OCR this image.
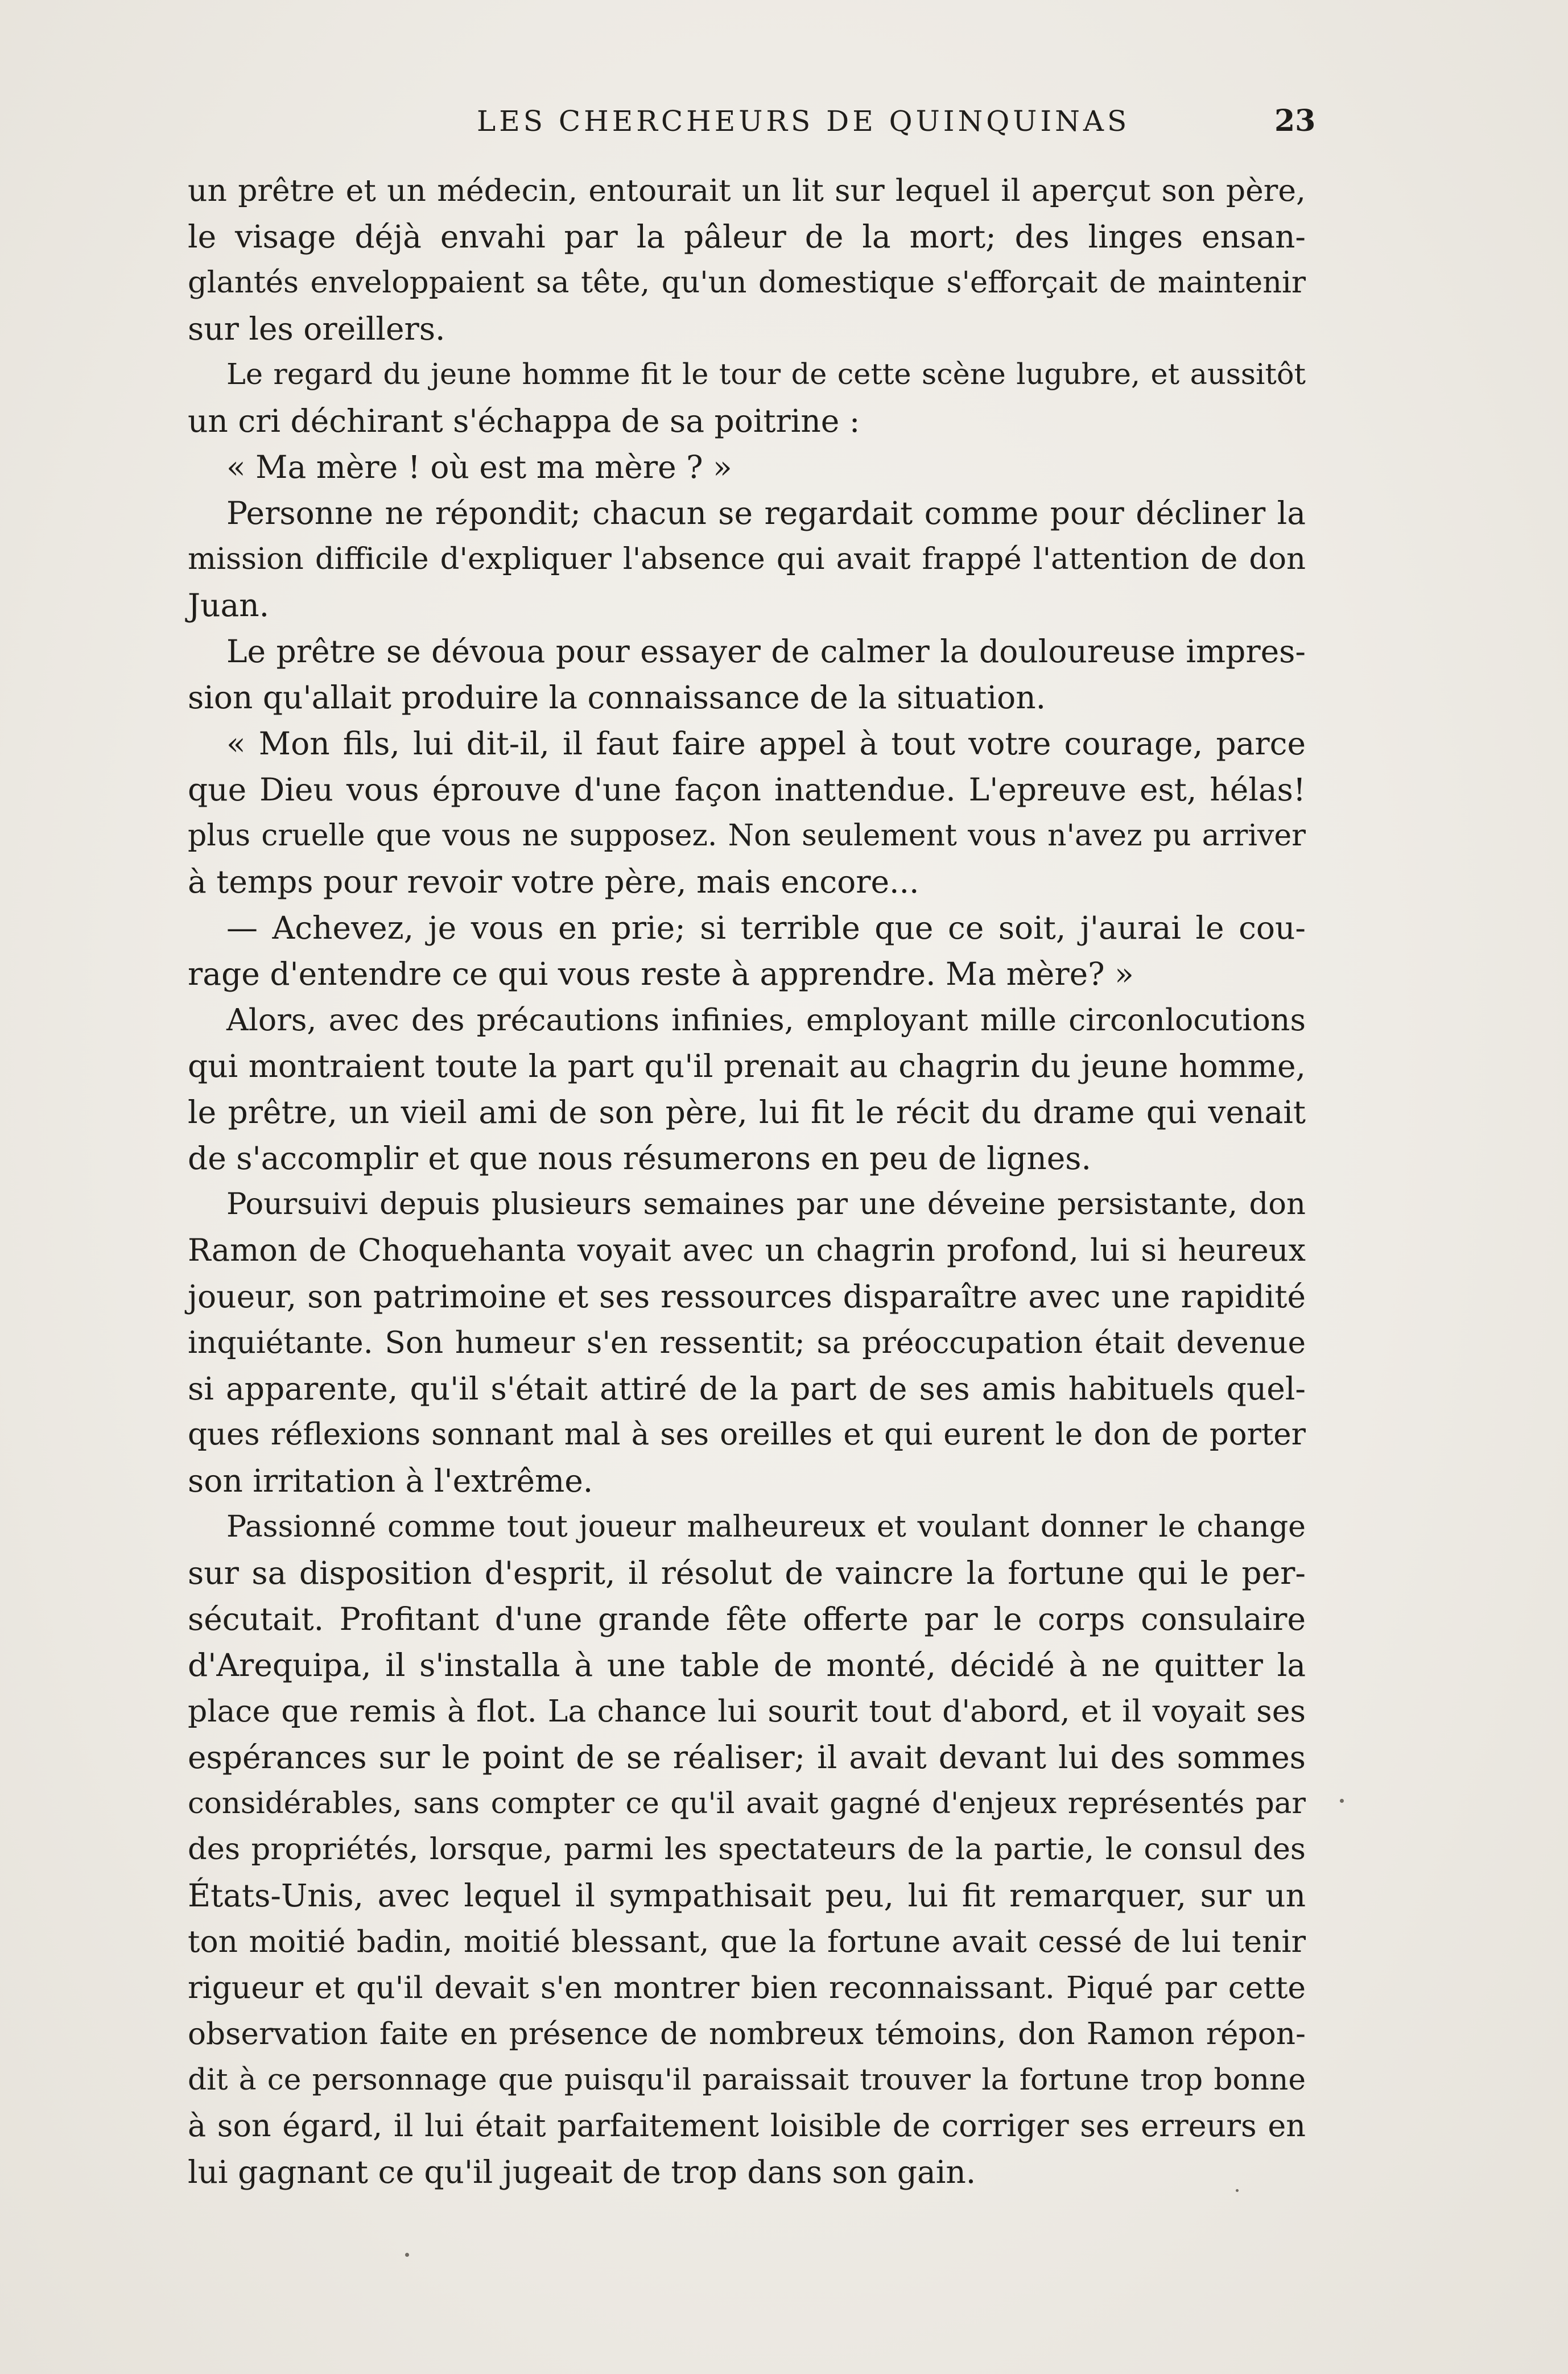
LES CHERCHEURS DE QUINQUINAS	23
un prêtre et un médecin, entourait un lit sur lequel il aperçut son père,
le visage déjà envahi par la pâleur de la mort; des linges ensan-
glantés enveloppaient sa tête, qu'un domestique s'efforçait de maintenir
sur les oreillers.
Le regard du jeune homme fit le tour de cette scène lugubre, et aussitôt
un cri déchirant s'échappa de sa poitrine :
« Ma mère ! où est ma mère ? »
Personne ne répondit; chacun se regardait comme pour décliner la
mission difficile d'expliquer l'absence qui avait frappé l'attention de don
Juan.
Le prêtre se dévoua pour essayer de calmer la douloureuse impres-
sion qu'allait produire la connaissance de la situation.
« Mon fils, lui dit-il, il faut faire appel à tout votre courage, parce
que Dieu vous éprouve d'une façon inattendue. L'epreuve est, hélas!
plus cruelle que vous ne supposez. Non seulement vous n'avez pu arriver
à temps pour revoir votre père, mais encore...
— Achevez, je vous en prie; si terrible que ce soit, j'aurai le cou-
rage d'entendre ce qui vous reste à apprendre. Ma mère? »
Alors, avec des précautions infinies, employant mille circonlocutions
qui montraient toute la part qu'il prenait au chagrin du jeune homme,
le prêtre, un vieil ami de son père, lui fit le récit du drame qui venait
de s'accomplir et que nous résumerons en peu de lignes.
Poursuivi depuis plusieurs semaines par une déveine persistante, don
Ramon de Choquehanta voyait avec un chagrin profond, lui si heureux
joueur, son patrimoine et ses ressources disparaître avec une rapidité
inquiétante. Son humeur s'en ressentit; sa préoccupation était devenue
si apparente, qu'il s'était attiré de la part de ses amis habituels quel-
ques réflexions sonnant mal à ses oreilles et qui eurent le don de porter
son irritation à l'extrême.
Passionné comme tout joueur malheureux et voulant donner le change
sur sa disposition d'esprit, il résolut de vaincre la fortune qui le per-
sécutait. Profitant d'une grande fête offerte par le corps consulaire
d'Arequipa, il s'installa à une table de monté, décidé à ne quitter la
place que remis à flot. La chance lui sourit tout d'abord, et il voyait ses
espérances sur le point de se réaliser; il avait devant lui des sommes
considérables, sans compter ce qu'il avait gagné d'enjeux représentés par
des propriétés, lorsque, parmi les spectateurs de la partie, le consul des
États-Unis, avec lequel il sympathisait peu, lui fit remarquer, sur un
ton moitié badin, moitié blessant, que la fortune avait cessé de lui tenir
rigueur et qu'il devait s'en montrer bien reconnaissant. Piqué par cette
observation faite en présence de nombreux témoins, don Ramon répon-
dit à ce personnage que puisqu'il paraissait trouver la fortune trop bonne
à son égard, il lui était parfaitement loisible de corriger ses erreurs en
lui gagnant ce qu'il jugeait de trop dans son gain.
